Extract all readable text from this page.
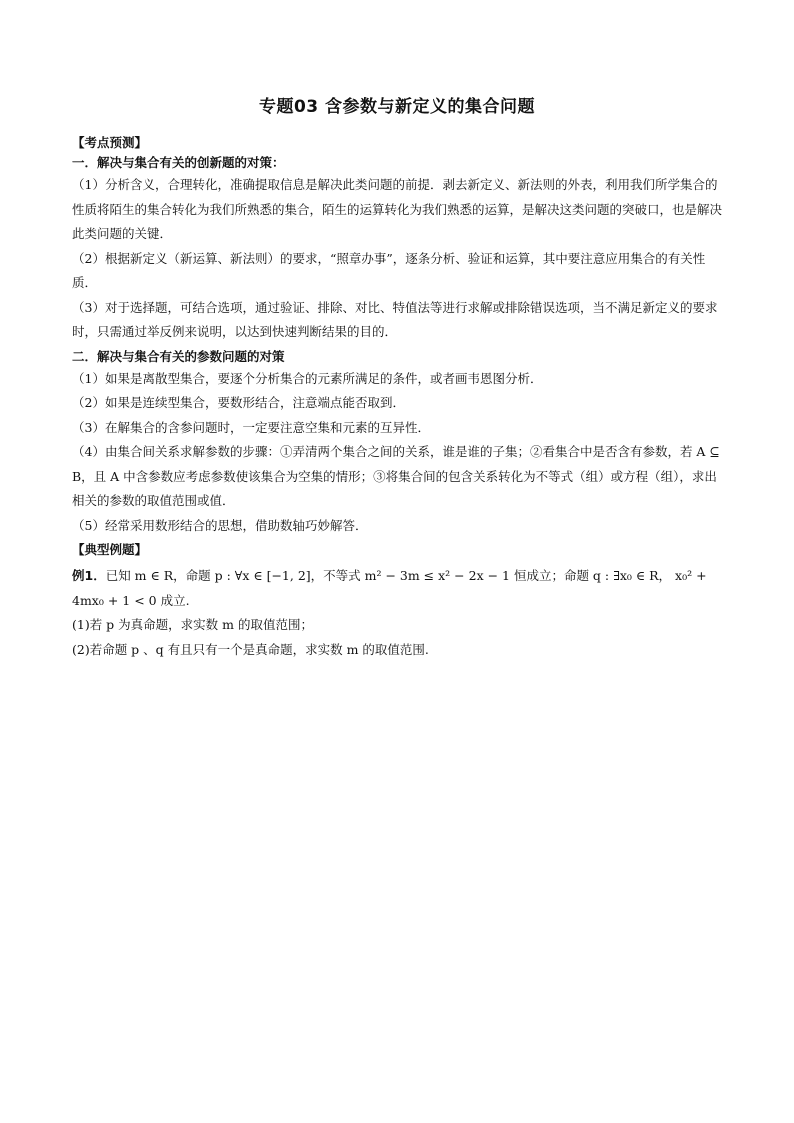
专题03 含参数与新定义的集合问题

【考点预测】

一．解决与集合有关的创新题的对策：

（1）分析含义，合理转化，准确提取信息是解决此类问题的前提．剥去新定义、新法则的外表，利用我们所学集合的性质将陌生的集合转化为我们所熟悉的集合，陌生的运算转化为我们熟悉的运算，是解决这类问题的突破口，也是解决此类问题的关键．

（2）根据新定义（新运算、新法则）的要求，“照章办事”，逐条分析、验证和运算，其中要注意应用集合的有关性质．

（3）对于选择题，可结合选项，通过验证、排除、对比、特值法等进行求解或排除错误选项，当不满足新定义的要求时，只需通过举反例来说明，以达到快速判断结果的目的．

二．解决与集合有关的参数问题的对策

（1）如果是离散型集合，要逐个分析集合的元素所满足的条件，或者画韦恩图分析．

（2）如果是连续型集合，要数形结合，注意端点能否取到．

（3）在解集合的含参问题时，一定要注意空集和元素的互异性．

（4）由集合间关系求解参数的步骤：①弄清两个集合之间的关系，谁是谁的子集；②看集合中是否含有参数，若 A ⊆ B，且 A 中含参数应考虑参数使该集合为空集的情形；③将集合间的包含关系转化为不等式（组）或方程（组），求出相关的参数的取值范围或值．

（5）经常采用数形结合的思想，借助数轴巧妙解答．

【典型例题】

例1．已知 m ∈ R，命题 p : ∀x ∈ [−1, 2]，不等式 m² − 3m ≤ x² − 2x − 1 恒成立；命题 q : ∃x₀ ∈ R， x₀² + 4mx₀ + 1 < 0 成立.

(1)若 p 为真命题，求实数 m 的取值范围；

(2)若命题 p 、q 有且只有一个是真命题，求实数 m 的取值范围.
